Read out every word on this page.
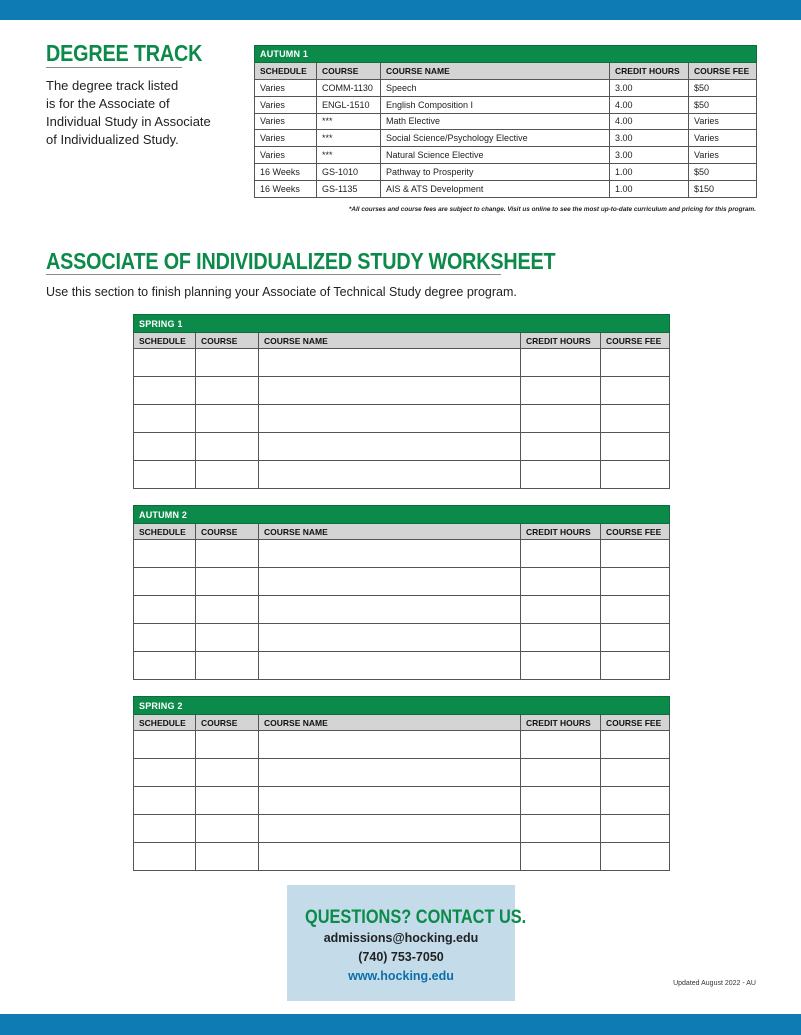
DEGREE TRACK
The degree track listed
is for the Associate of
Individual Study in Associate
of Individualized Study.
AUTUMN 1				
SCHEDULE	COURSE	COURSE NAME	CREDIT HOURS	COURSE FEE
Varies	COMM-1130	Speech	3.00	$50
Varies	ENGL-1510	English Composition I	4.00	$50
Varies	***	Math Elective	4.00	Varies
Varies	***	Social Science/Psychology Elective	3.00	Varies
Varies	***	Natural Science Elective	3.00	Varies
16 Weeks	GS-1010	Pathway to Prosperity	1.00	$50
16 Weeks	GS-1135	AIS & ATS Development	1.00	$150
*All courses and course fees are subject to change. Visit us online to see the most up-to-date curriculum and pricing for this program.
ASSOCIATE OF INDIVIDUALIZED STUDY WORKSHEET
Use this section to finish planning your Associate of Technical Study degree program.
SPRING 1				
SCHEDULE	COURSE	COURSE NAME	CREDIT HOURS	COURSE FEE

AUTUMN 2				
SCHEDULE	COURSE	COURSE NAME	CREDIT HOURS	COURSE FEE

SPRING 2				
SCHEDULE	COURSE	COURSE NAME	CREDIT HOURS	COURSE FEE

QUESTIONS? CONTACT US.
admissions@hocking.edu
(740) 753-7050
www.hocking.edu
Updated August 2022 - AU
